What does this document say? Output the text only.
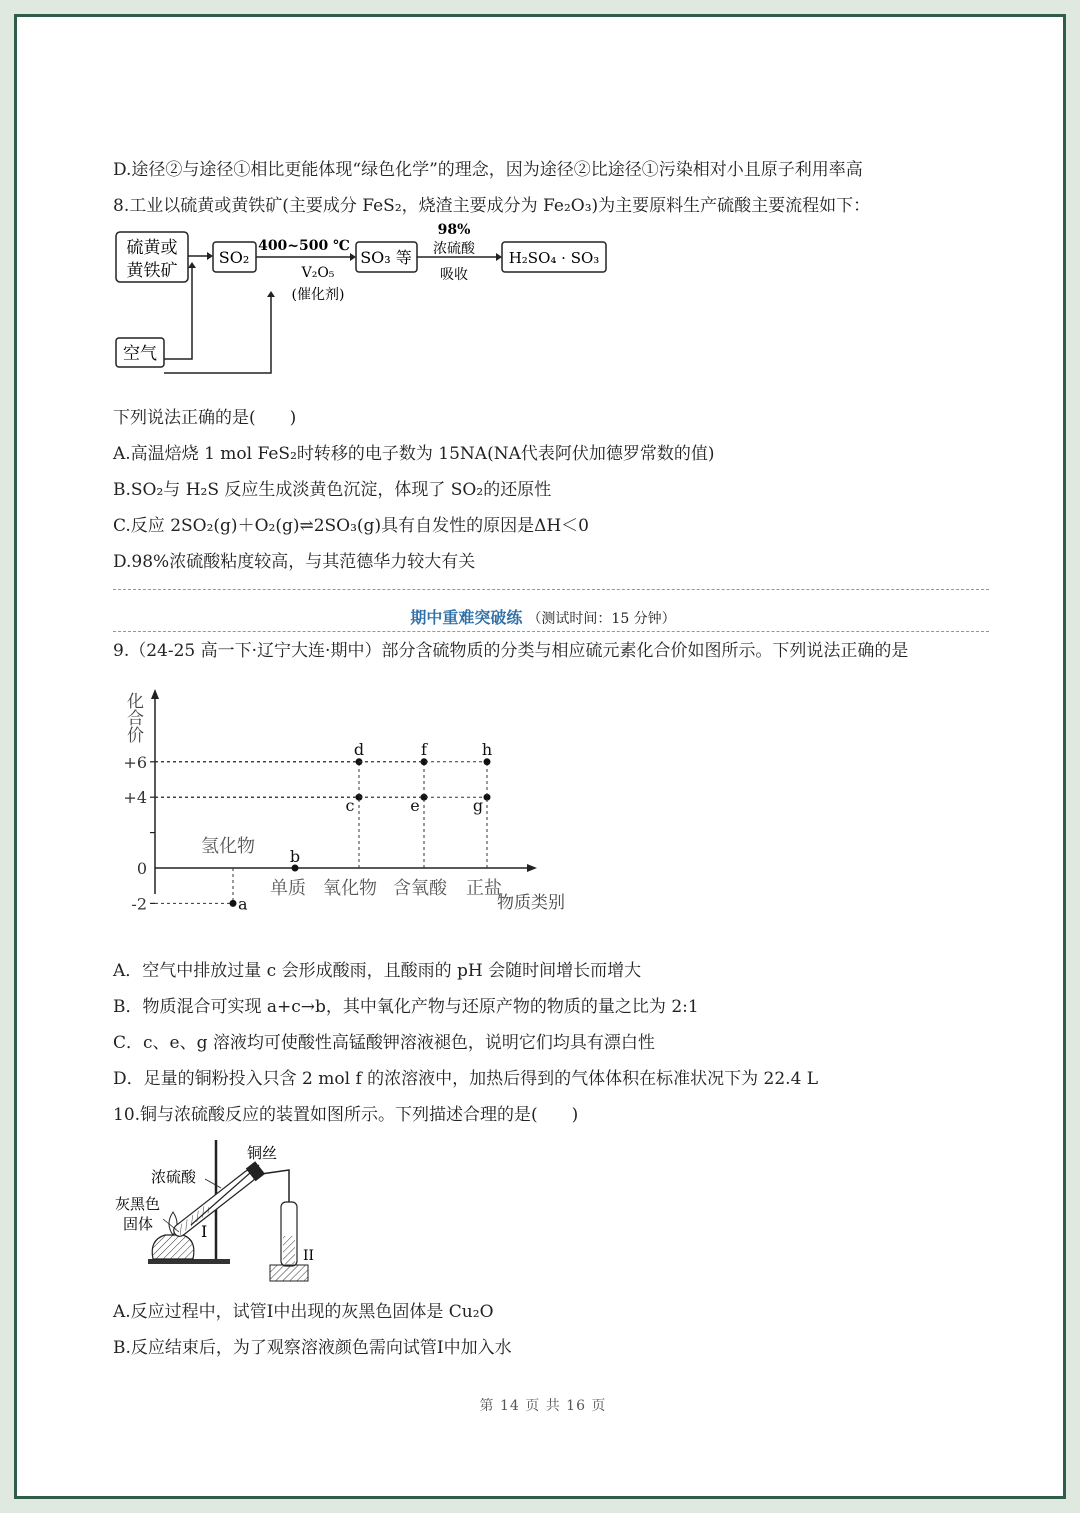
D.途径②与途径①相比更能体现“绿色化学”的理念，因为途径②比途径①污染相对小且原子利用率高
8.工业以硫黄或黄铁矿(主要成分 FeS₂，烧渣主要成分为 Fe₂O₃)为主要原料生产硫酸主要流程如下：
硫黄或
黄铁矿
SO₂
400~500 ℃
V₂O₅
(催化剂)
SO₃ 等
98%
浓硫酸
吸收
H₂SO₄ · SO₃
空气
下列说法正确的是(　　)
A.高温焙烧 1 mol FeS₂时转移的电子数为 15NA(NA代表阿伏加德罗常数的值)
B.SO₂与 H₂S 反应生成淡黄色沉淀，体现了 SO₂的还原性
C.反应 2SO₂(g)＋O₂(g)⇌2SO₃(g)具有自发性的原因是ΔH＜0
D.98%浓硫酸粘度较高，与其范德华力较大有关
期中重难突破练 （测试时间：15 分钟）
9.（24-25 高一下·辽宁大连·期中）部分含硫物质的分类与相应硫元素化合价如图所示。下列说法正确的是
化合价
+6
+4
0
-2
氢化物
单质 氧化物 含氧酸 正盐
a
b
c
d
e
f
g
h
物质类别
A．空气中排放过量 c 会形成酸雨，且酸雨的 pH 会随时间增长而增大
B．物质混合可实现 a+c→b，其中氧化产物与还原产物的物质的量之比为 2:1
C．c、e、g 溶液均可使酸性高锰酸钾溶液褪色，说明它们均具有漂白性
D．足量的铜粉投入只含 2 mol f 的浓溶液中，加热后得到的气体体积在标准状况下为 22.4 L
10.铜与浓硫酸反应的装置如图所示。下列描述合理的是(　　)
铜丝
浓硫酸
灰黑色
固体	I
II
A.反应过程中，试管I中出现的灰黑色固体是 Cu₂O
B.反应结束后，为了观察溶液颜色需向试管I中加入水
第 14 页 共 16 页
